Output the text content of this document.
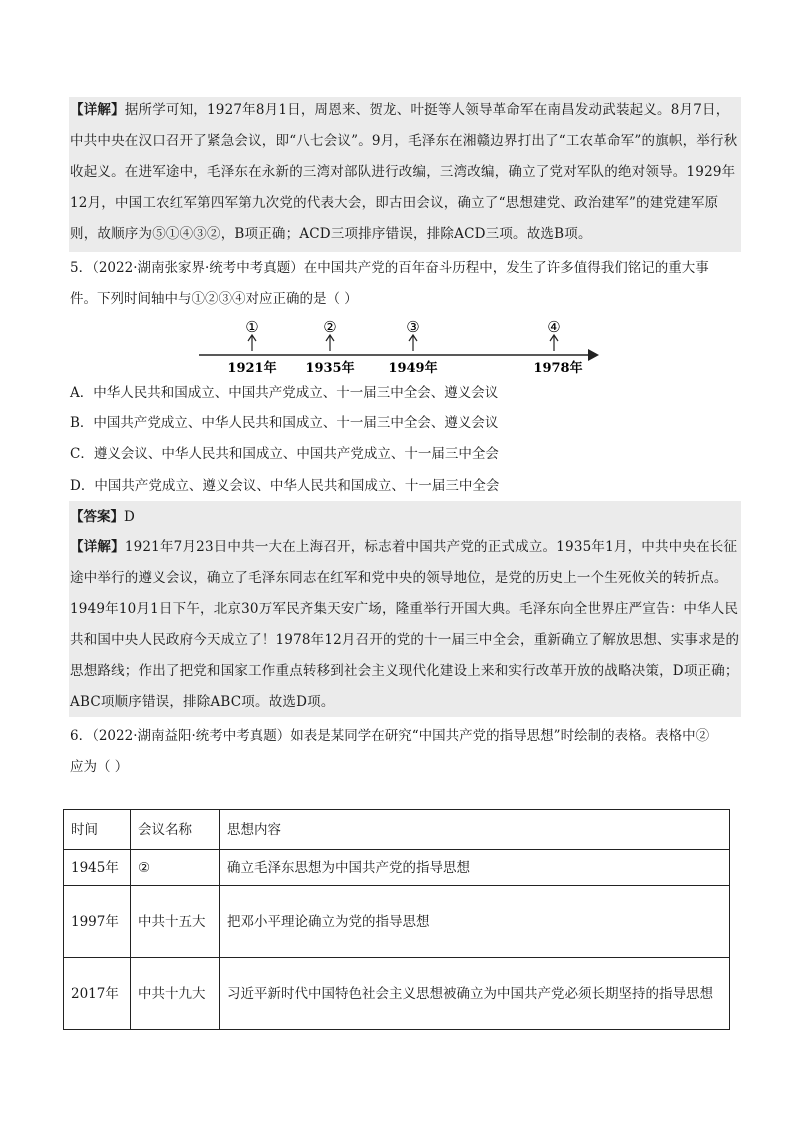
【详解】据所学可知，1927年8月1日，周恩来、贺龙、叶挺等人领导革命军在南昌发动武装起义。8月7日，中共中央在汉口召开了紧急会议，即“八七会议”。9月，毛泽东在湘赣边界打出了“工农革命军”的旗帜，举行秋收起义。在进军途中，毛泽东在永新的三湾对部队进行改编，三湾改编，确立了党对军队的绝对领导。1929年12月，中国工农红军第四军第九次党的代表大会，即古田会议，确立了“思想建党、政治建军”的建党建军原则，故顺序为⑤①④③②，B项正确；ACD三项排序错误，排除ACD三项。故选B项。
5．（2022·湖南张家界·统考中考真题）在中国共产党的百年奋斗历程中，发生了许多值得我们铭记的重大事
件。下列时间轴中与①②③④对应正确的是（ ）
①
1921年
②
1935年
③
1949年
④
1978年
A．中华人民共和国成立、中国共产党成立、十一届三中全会、遵义会议
B．中国共产党成立、中华人民共和国成立、十一届三中全会、遵义会议
C．遵义会议、中华人民共和国成立、中国共产党成立、十一届三中全会
D．中国共产党成立、遵义会议、中华人民共和国成立、十一届三中全会
【答案】D
【详解】1921年7月23日中共一大在上海召开，标志着中国共产党的正式成立。1935年1月，中共中央在长征途中举行的遵义会议，确立了毛泽东同志在红军和党中央的领导地位，是党的历史上一个生死攸关的转折点。1949年10月1日下午，北京30万军民齐集天安广场，隆重举行开国大典。毛泽东向全世界庄严宣告：中华人民共和国中央人民政府今天成立了！1978年12月召开的党的十一届三中全会，重新确立了解放思想、实事求是的思想路线；作出了把党和国家工作重点转移到社会主义现代化建设上来和实行改革开放的战略决策，D项正确；ABC项顺序错误，排除ABC项。故选D项。
6．（2022·湖南益阳·统考中考真题）如表是某同学在研究“中国共产党的指导思想”时绘制的表格。表格中②
应为（ ）
时间	会议名称	思想内容
1945年	②	确立毛泽东思想为中国共产党的指导思想
1997年	中共十五大	把邓小平理论确立为党的指导思想
2017年	中共十九大	习近平新时代中国特色社会主义思想被确立为中国共产党必须长期坚持的指导思想
